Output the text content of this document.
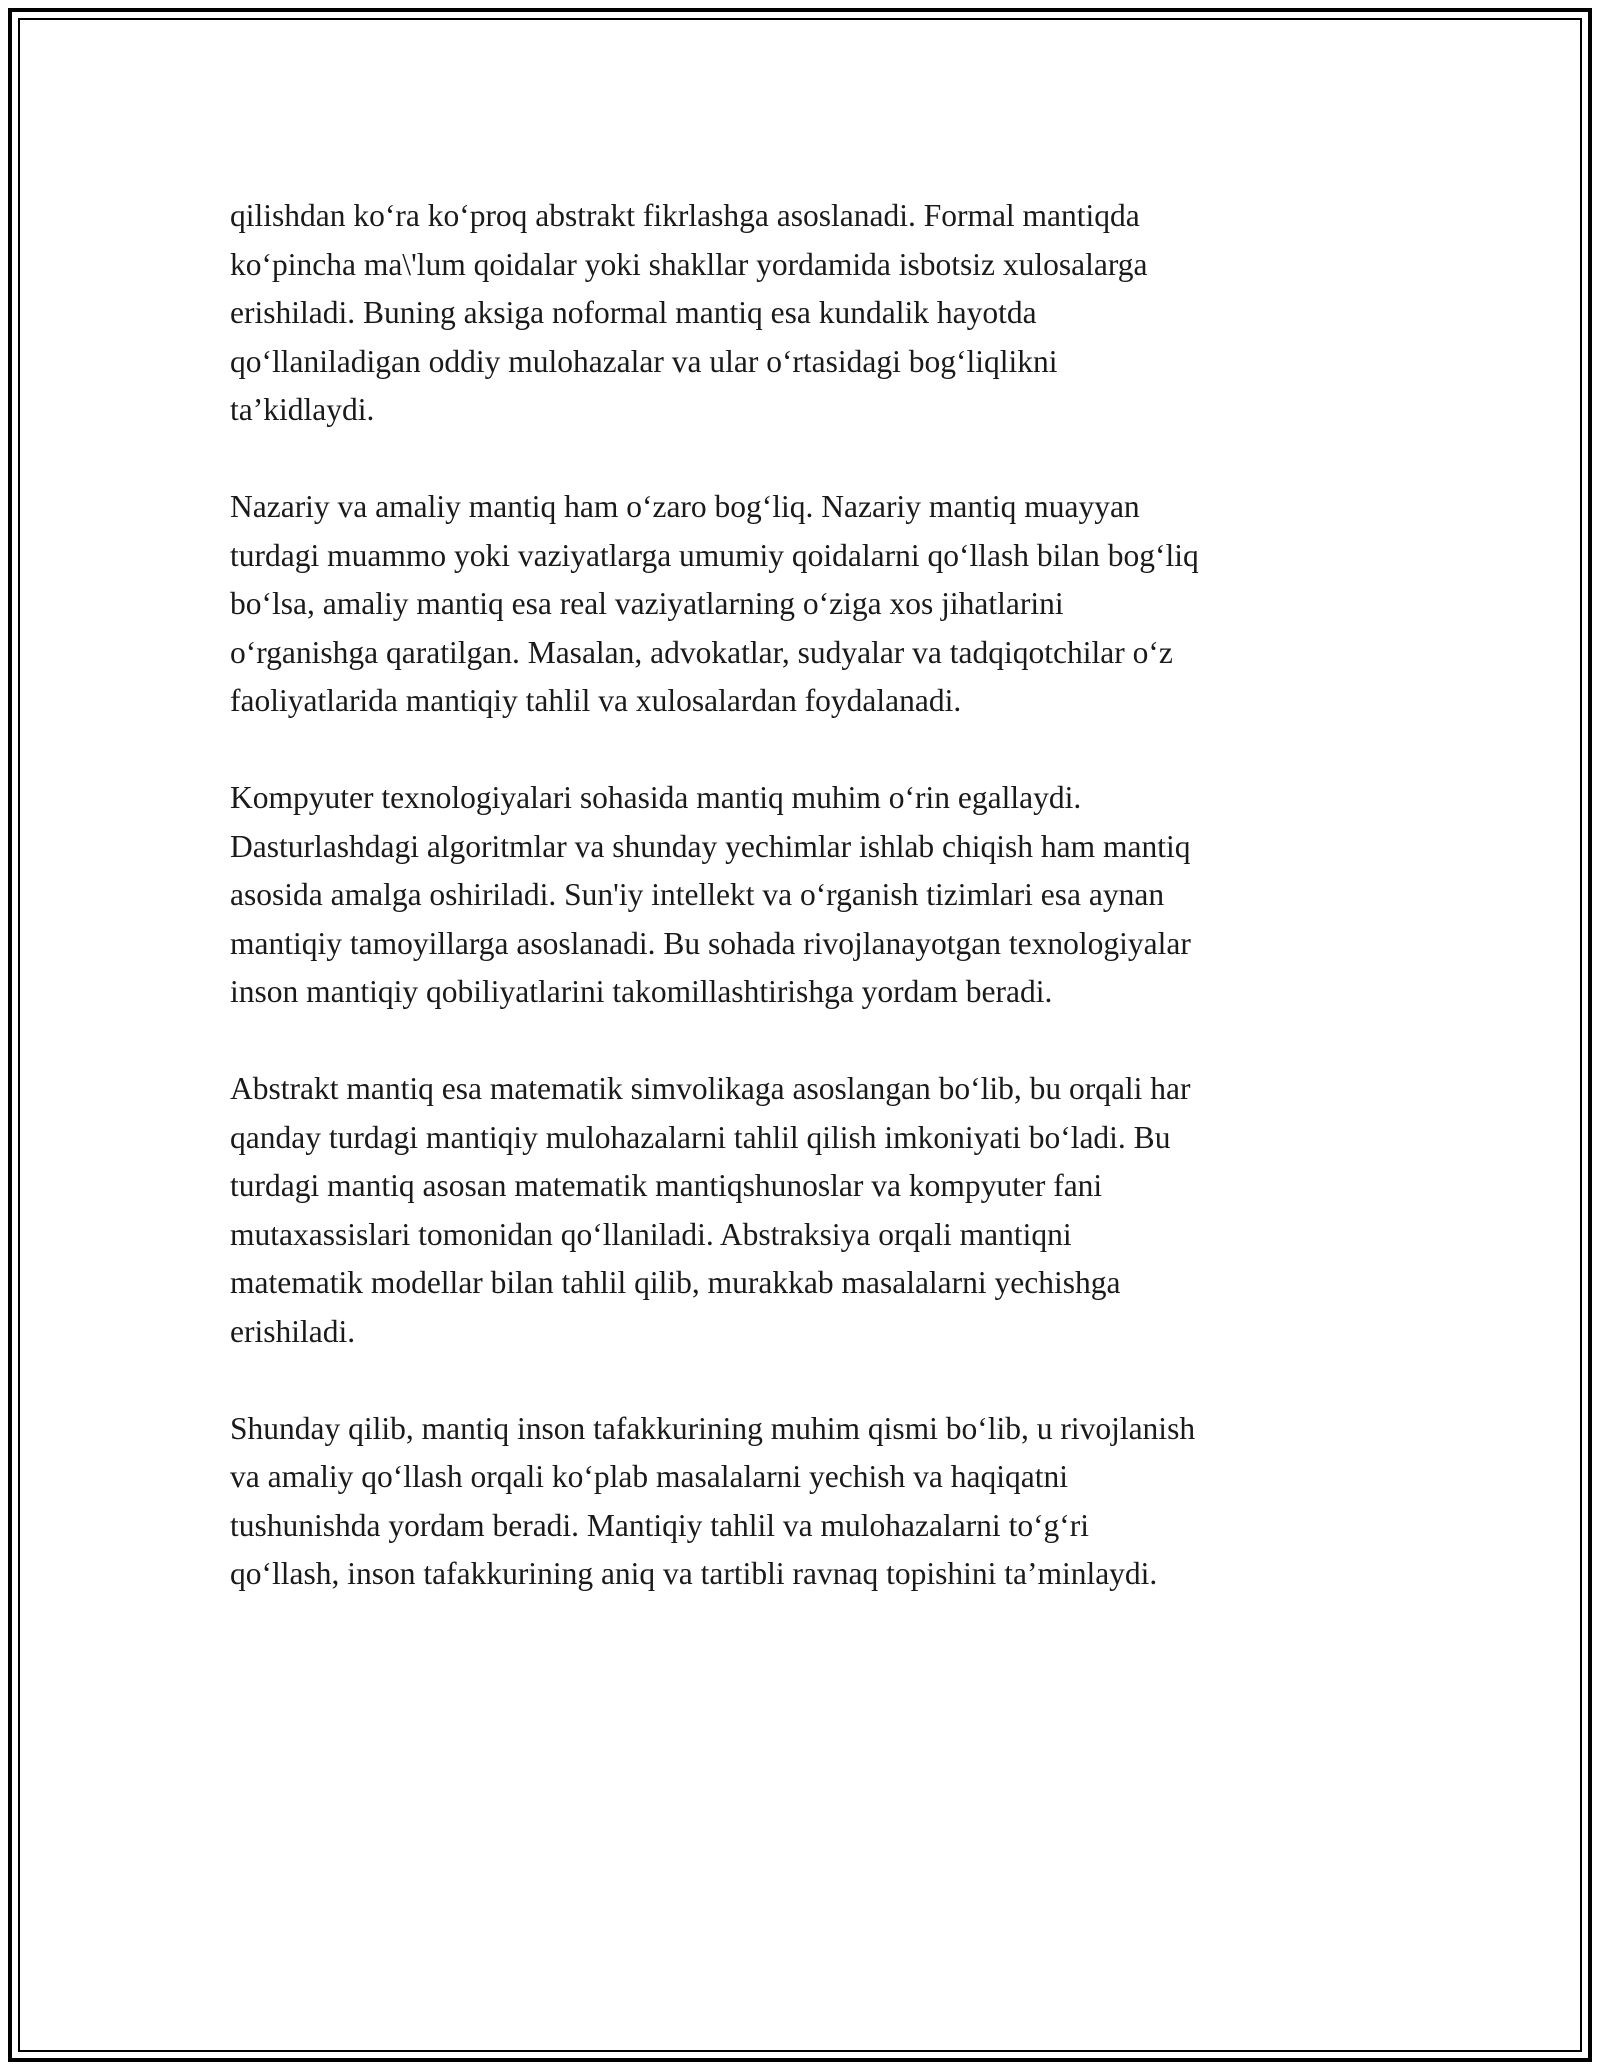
qilishdan ko‘ra ko‘proq abstrakt fikrlashga asoslanadi. Formal mantiqda
ko‘pincha ma\'lum qoidalar yoki shakllar yordamida isbotsiz xulosalarga
erishiladi. Buning aksiga noformal mantiq esa kundalik hayotda
qo‘llaniladigan oddiy mulohazalar va ular o‘rtasidagi bog‘liqlikni
ta’kidlaydi.

Nazariy va amaliy mantiq ham o‘zaro bog‘liq. Nazariy mantiq muayyan
turdagi muammo yoki vaziyatlarga umumiy qoidalarni qo‘llash bilan bog‘liq
bo‘lsa, amaliy mantiq esa real vaziyatlarning o‘ziga xos jihatlarini
o‘rganishga qaratilgan. Masalan, advokatlar, sudyalar va tadqiqotchilar o‘z
faoliyatlarida mantiqiy tahlil va xulosalardan foydalanadi.

Kompyuter texnologiyalari sohasida mantiq muhim o‘rin egallaydi.
Dasturlashdagi algoritmlar va shunday yechimlar ishlab chiqish ham mantiq
asosida amalga oshiriladi. Sun'iy intellekt va o‘rganish tizimlari esa aynan
mantiqiy tamoyillarga asoslanadi. Bu sohada rivojlanayotgan texnologiyalar
inson mantiqiy qobiliyatlarini takomillashtirishga yordam beradi.

Abstrakt mantiq esa matematik simvolikaga asoslangan bo‘lib, bu orqali har
qanday turdagi mantiqiy mulohazalarni tahlil qilish imkoniyati bo‘ladi. Bu
turdagi mantiq asosan matematik mantiqshunoslar va kompyuter fani
mutaxassislari tomonidan qo‘llaniladi. Abstraksiya orqali mantiqni
matematik modellar bilan tahlil qilib, murakkab masalalarni yechishga
erishiladi.

Shunday qilib, mantiq inson tafakkurining muhim qismi bo‘lib, u rivojlanish
va amaliy qo‘llash orqali ko‘plab masalalarni yechish va haqiqatni
tushunishda yordam beradi. Mantiqiy tahlil va mulohazalarni to‘g‘ri
qo‘llash, inson tafakkurining aniq va tartibli ravnaq topishini ta’minlaydi.
